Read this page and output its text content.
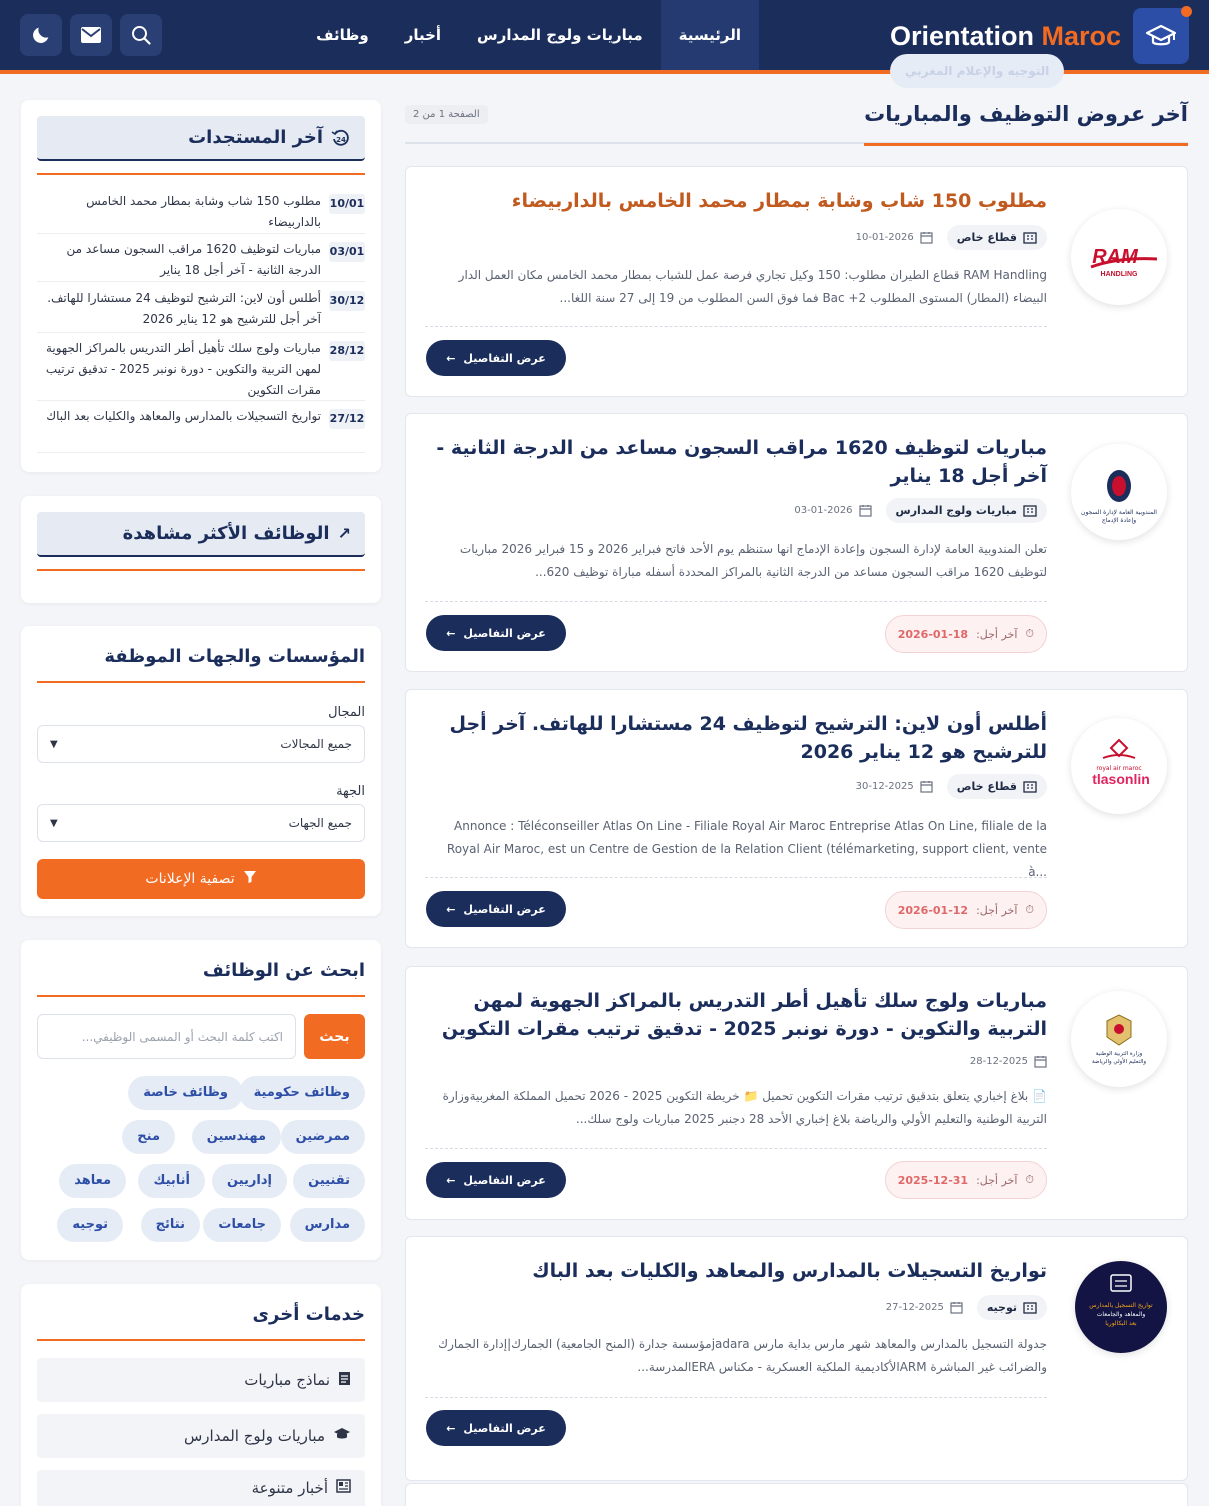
Orientation Maroc
التوجيه والإعلام المغربي
الرئيسية
مباريات ولوج المدارس
أخبار
وظائف
آخر عروض التوظيف والمباريات
الصفحة 1 من 2
RAM
HANDLING
مطلوب 150 شاب وشابة بمطار محمد الخامس بالداربيضاء
قطاع خاص
10-01-2026

RAM Handling قطاع الطيران مطلوب: 150 وكيل تجاري فرصة عمل للشباب بمطار محمد الخامس مكان العمل الدار البيضاء (المطار) المستوى المطلوب Bac +2 فما فوق السن المطلوب من 19 إلى 27 سنة اللغا...

عرض التفاصيل
←
المندوبية العامة لإدارة السجون
وإعادة الإدماج
مباريات لتوظيف 1620 مراقب السجون مساعد من الدرجة الثانية - آخر أجل 18 يناير
مباريات ولوج المدارس
03-01-2026

تعلن المندوبية العامة لإدارة السجون وإعادة الإدماج انها ستنظم يوم الأحد فاتح فبراير 2026 و 15 فبراير 2026 مباريات لتوظيف 1620 مراقب السجون مساعد من الدرجة الثانية بالمراكز المحددة أسفله مباراة توظيف 620...

⏱
آخر أجل:
2026-01-18
عرض التفاصيل
←
royal air maroc
tlasonlin
أطلس أون لاين: الترشيح لتوظيف 24 مستشارا للهاتف. آخر أجل للترشيح هو 12 يناير 2026
قطاع خاص
30-12-2025

Annonce : Téléconseiller Atlas On Line - Filiale Royal Air Maroc Entreprise Atlas On Line, filiale de la Royal Air Maroc, est un Centre de Gestion de la Relation Client (télémarketing, support client, vente à...

⏱
آخر أجل:
2026-01-12
عرض التفاصيل
←
وزارة التربية الوطنية
والتعليم الأولي والرياضة
مباريات ولوج سلك تأهيل أطر التدريس بالمراكز الجهوية لمهن التربية والتكوين - دورة نونبر 2025 - تدقيق ترتيب مقرات التكوين
28-12-2025

📄 بلاغ إخباري يتعلق بتدقيق ترتيب مقرات التكوين تحميل 📁 خريطة التكوين 2025 - 2026 تحميل المملكة المغربيةوزارة التربية الوطنية والتعليم الأولي والرياضة بلاغ إخباري الأحد 28 دجنبر 2025 مباريات ولوج سلك...

⏱
آخر أجل:
2025-12-31
عرض التفاصيل
←
تواريخ التسجيل بالمدارس
والمعاهد والجامعات
بعد البكالوريا
تواريخ التسجيلات بالمدارس والمعاهد والكليات بعد الباك
توجيه
27-12-2025

جدولة التسجيل بالمدارس والمعاهد شهر مارس بداية مارس jadaraمؤسسة جدارة (المنح الجامعية) الجمارك|إدارة الجمارك والضرائب غير المباشرة ARMالأكاديمية الملكية العسكرية - مكناس ERAالمدرسة...

عرض التفاصيل
←
24
آخر المستجدات
10/01
مطلوب 150 شاب وشابة بمطار محمد الخامس بالداربيضاء
03/01
مباريات لتوظيف 1620 مراقب السجون مساعد من الدرجة الثانية - آخر أجل 18 يناير
30/12
أطلس أون لاين: الترشيح لتوظيف 24 مستشارا للهاتف. آخر أجل للترشيح هو 12 يناير 2026
28/12
مباريات ولوج سلك تأهيل أطر التدريس بالمراكز الجهوية لمهن التربية والتكوين - دورة نونبر 2025 - تدقيق ترتيب مقرات التكوين
27/12
تواريخ التسجيلات بالمدارس والمعاهد والكليات بعد الباك
↗
الوظائف الأكثر مشاهدة
المؤسسات والجهات الموظفة
المجال
جميع المجالات
▼
الجهة
جميع الجهات
▼
تصفية الإعلانات
ابحث عن الوظائف
بحث
اكتب كلمة البحث أو المسمى الوظيفي...
وظائف حكومية
وظائف خاصة
ممرضين
مهندسين
منح
تقنيين
إداريين
أنابيك
معاهد
مدارس
جامعات
نتائج
توجيه
خدمات أخرى
نماذج مباريات
مباريات ولوج المدارس
أخبار متنوعة
